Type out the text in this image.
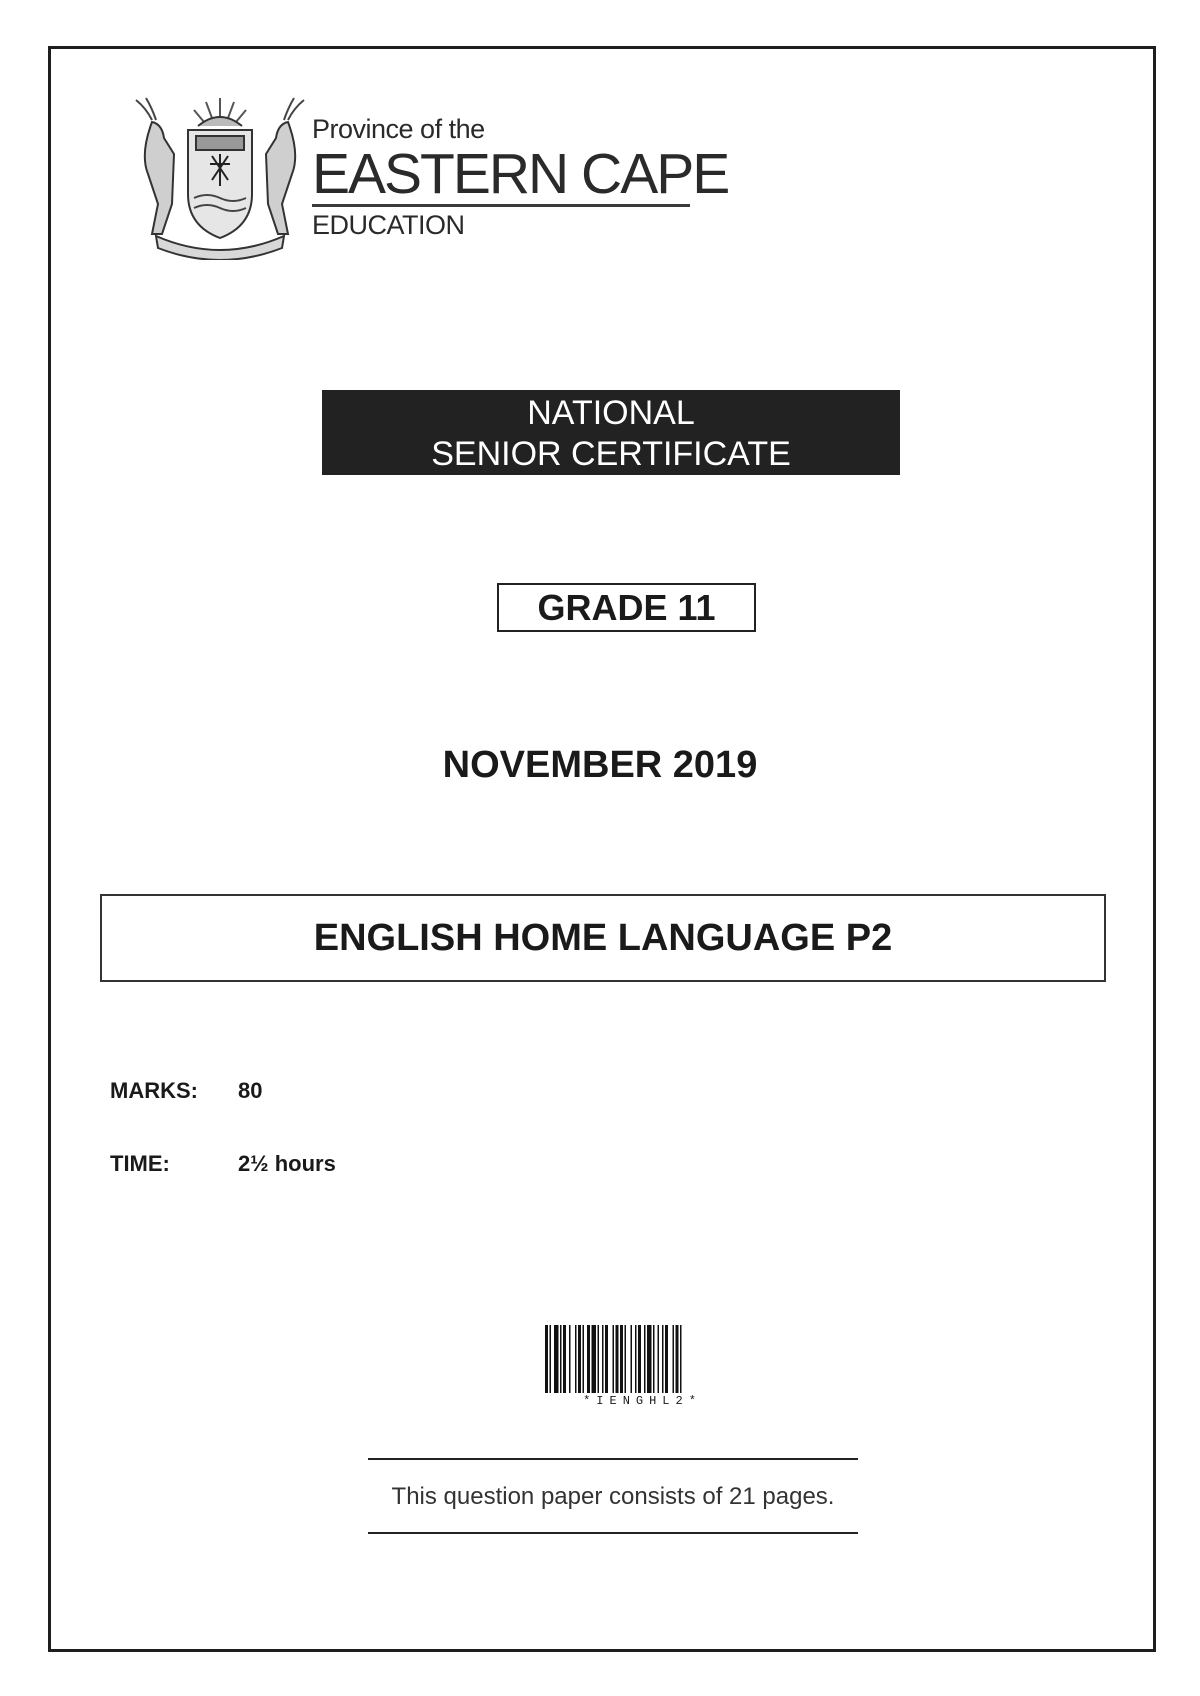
Province of the
EASTERN CAPE
EDUCATION
NATIONAL
SENIOR CERTIFICATE
GRADE 11
NOVEMBER 2019
ENGLISH HOME LANGUAGE P2
MARKS: 80
TIME:	2½ hours
*IENGHL2*
This question paper consists of 21 pages.
